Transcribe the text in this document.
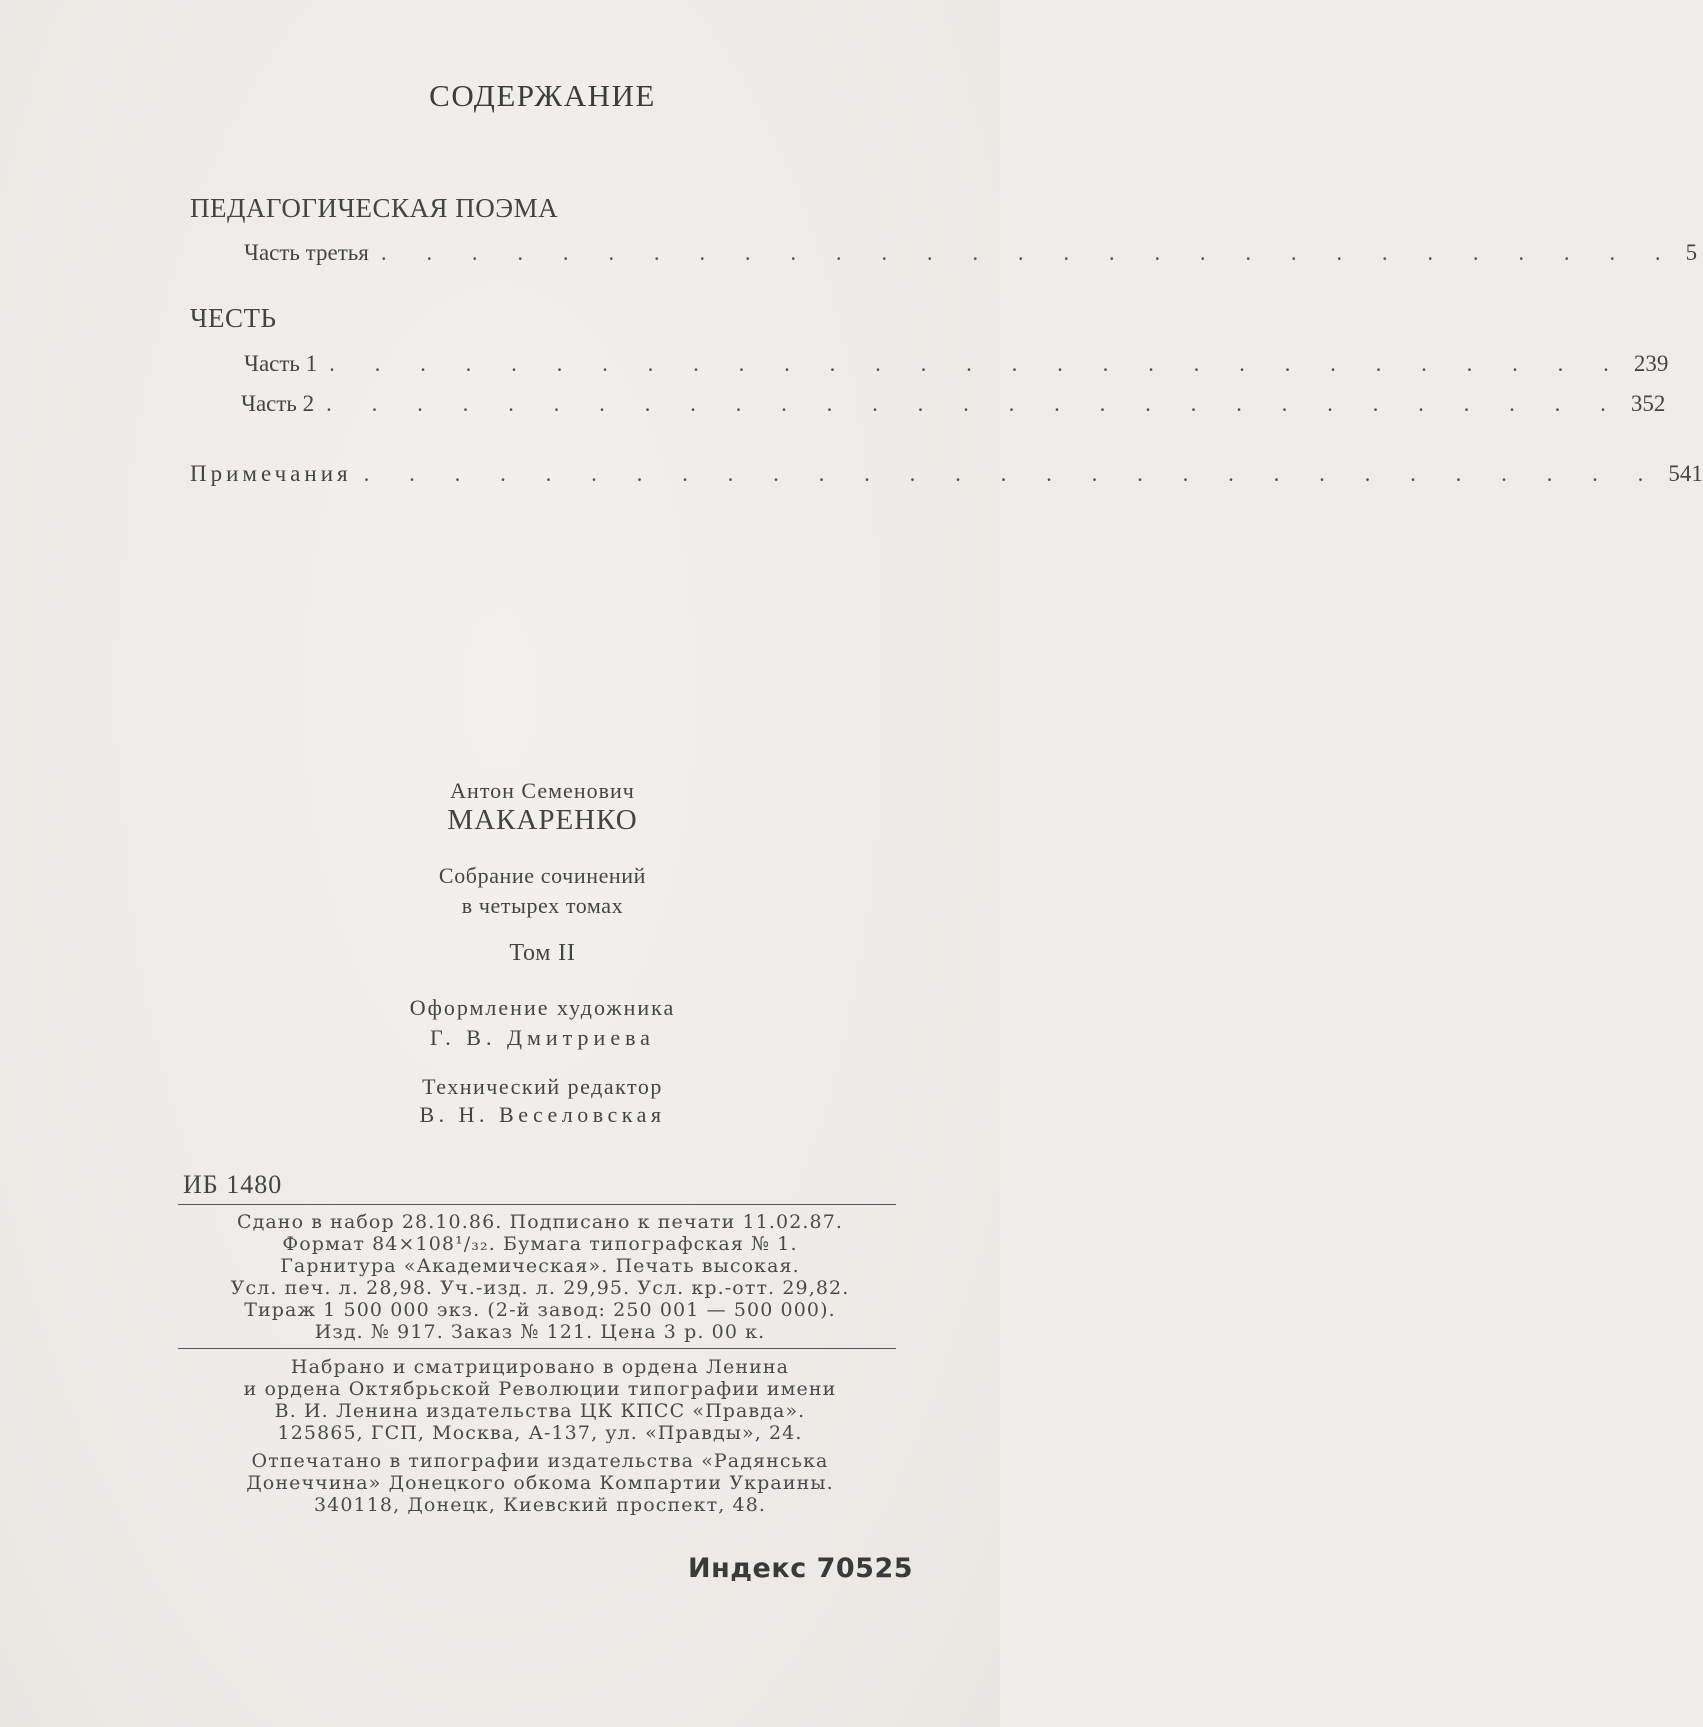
СОДЕРЖАНИЕ
ПЕДАГОГИЧЕСКАЯ ПОЭМА
Часть третья . . . . . . . . . . . . . . . . . . . . . . . . . . . . . 5
ЧЕСТЬ
Часть 1 . . . . . . . . . . . . . . . . . . . . . . . . . . . . . 239
Часть 2 . . . . . . . . . . . . . . . . . . . . . . . . . . . . . 352
Примечания . . . . . . . . . . . . . . . . . . . . . . . . . . . . . 541
Антон Семенович
МАКАРЕНКО
Собрание сочинений
в четырех томах
Том II
Оформление художника
Г. В. Дмитриева
Технический редактор
В. Н. Веселовская
ИБ 1480
Сдано в набор 28.10.86. Подписано к печати 11.02.87.
Формат 84×108¹/₃₂. Бумага типографская № 1.
Гарнитура «Академическая». Печать высокая.
Усл. печ. л. 28,98. Уч.-изд. л. 29,95. Усл. кр.-отт. 29,82.
Тираж 1 500 000 экз. (2-й завод: 250 001 — 500 000).
Изд. № 917. Заказ № 121. Цена 3 р. 00 к.
Набрано и сматрицировано в ордена Ленина
и ордена Октябрьской Революции типографии имени
В. И. Ленина издательства ЦК КПСС «Правда».
125865, ГСП, Москва, А-137, ул. «Правды», 24.
Отпечатано в типографии издательства «Радянська
Донеччина» Донецкого обкома Компартии Украины.
340118, Донецк, Киевский проспект, 48.
Индекс 70525
